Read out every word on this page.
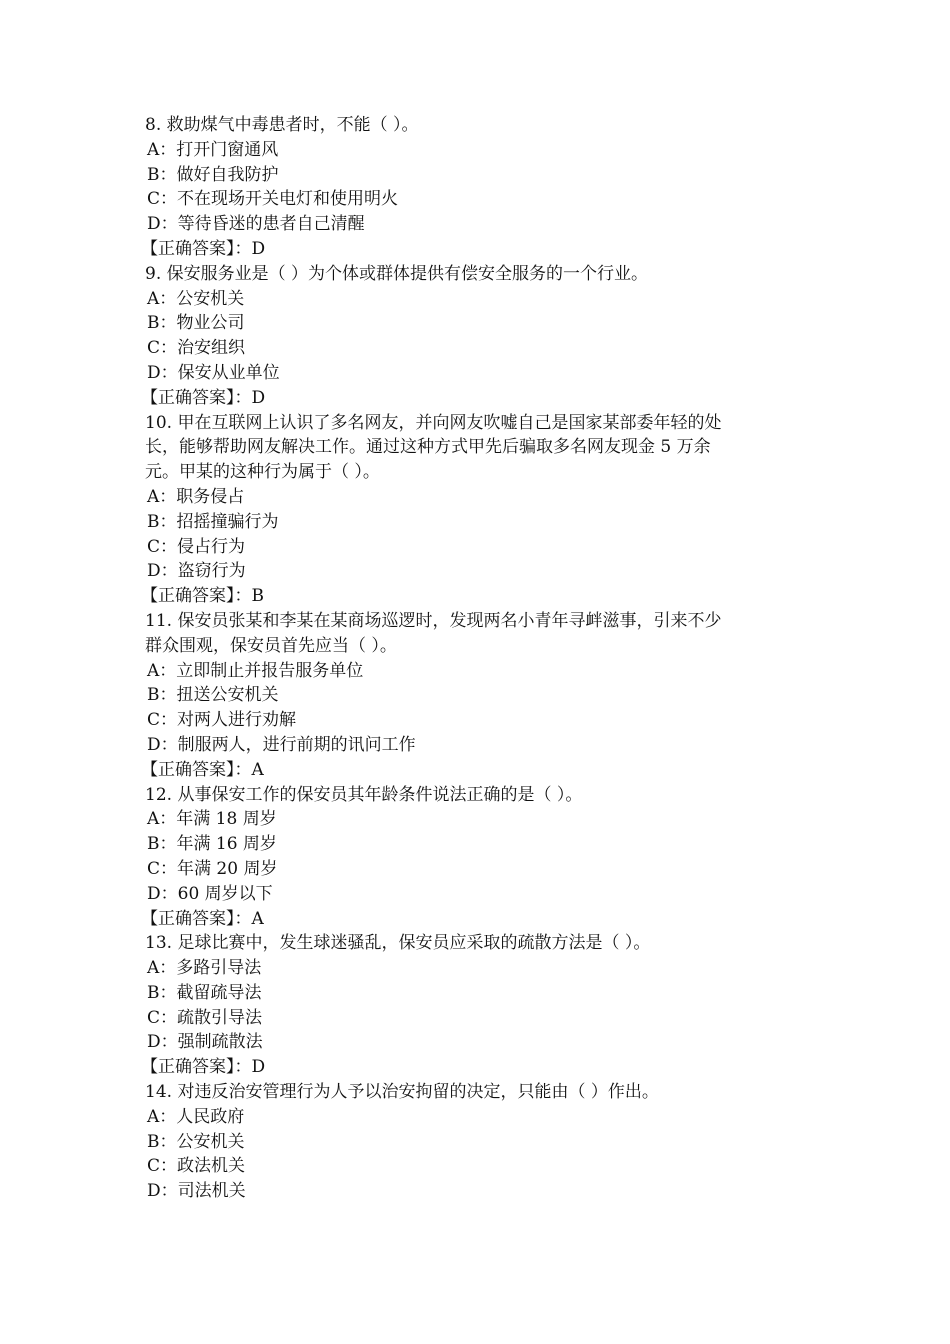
8. 救助煤气中毒患者时，不能（ ）。
A：打开门窗通风
B：做好自我防护
C：不在现场开关电灯和使用明火
D：等待昏迷的患者自己清醒
【正确答案】：D
9. 保安服务业是（ ）为个体或群体提供有偿安全服务的一个行业。
A：公安机关
B：物业公司
C：治安组织
D：保安从业单位
【正确答案】：D
10. 甲在互联网上认识了多名网友，并向网友吹嘘自己是国家某部委年轻的处
长，能够帮助网友解决工作。通过这种方式甲先后骗取多名网友现金 5 万余
元。甲某的这种行为属于（ ）。
A：职务侵占
B：招摇撞骗行为
C：侵占行为
D：盗窃行为
【正确答案】：B
11. 保安员张某和李某在某商场巡逻时，发现两名小青年寻衅滋事，引来不少
群众围观，保安员首先应当（ ）。
A：立即制止并报告服务单位
B：扭送公安机关
C：对两人进行劝解
D：制服两人，进行前期的讯问工作
【正确答案】：A
12. 从事保安工作的保安员其年龄条件说法正确的是（ ）。
A：年满 18 周岁
B：年满 16 周岁
C：年满 20 周岁
D：60 周岁以下
【正确答案】：A
13. 足球比赛中，发生球迷骚乱，保安员应采取的疏散方法是（ ）。
A：多路引导法
B：截留疏导法
C：疏散引导法
D：强制疏散法
【正确答案】：D
14. 对违反治安管理行为人予以治安拘留的决定，只能由（ ）作出。
A：人民政府
B：公安机关
C：政法机关
D：司法机关
